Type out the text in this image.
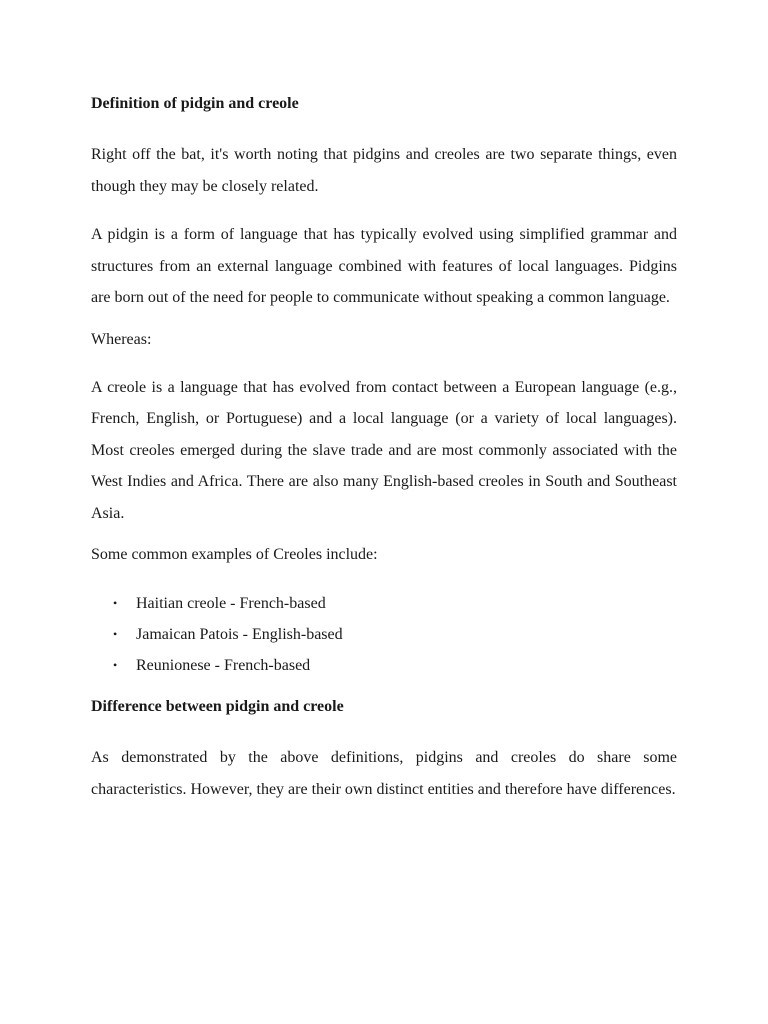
Definition of pidgin and creole

Right off the bat, it's worth noting that pidgins and creoles are two separate things, even though they may be closely related.

A pidgin is a form of language that has typically evolved using simplified grammar and structures from an external language combined with features of local languages. Pidgins are born out of the need for people to communicate without speaking a common language.

Whereas:

A creole is a language that has evolved from contact between a European language (e.g., French, English, or Portuguese) and a local language (or a variety of local languages). Most creoles emerged during the slave trade and are most commonly associated with the West Indies and Africa. There are also many English-based creoles in South and Southeast Asia.

Some common examples of Creoles include:

• Haitian creole - French-based
• Jamaican Patois - English-based
• Reunionese - French-based

Difference between pidgin and creole

As demonstrated by the above definitions, pidgins and creoles do share some characteristics. However, they are their own distinct entities and therefore have differences.
